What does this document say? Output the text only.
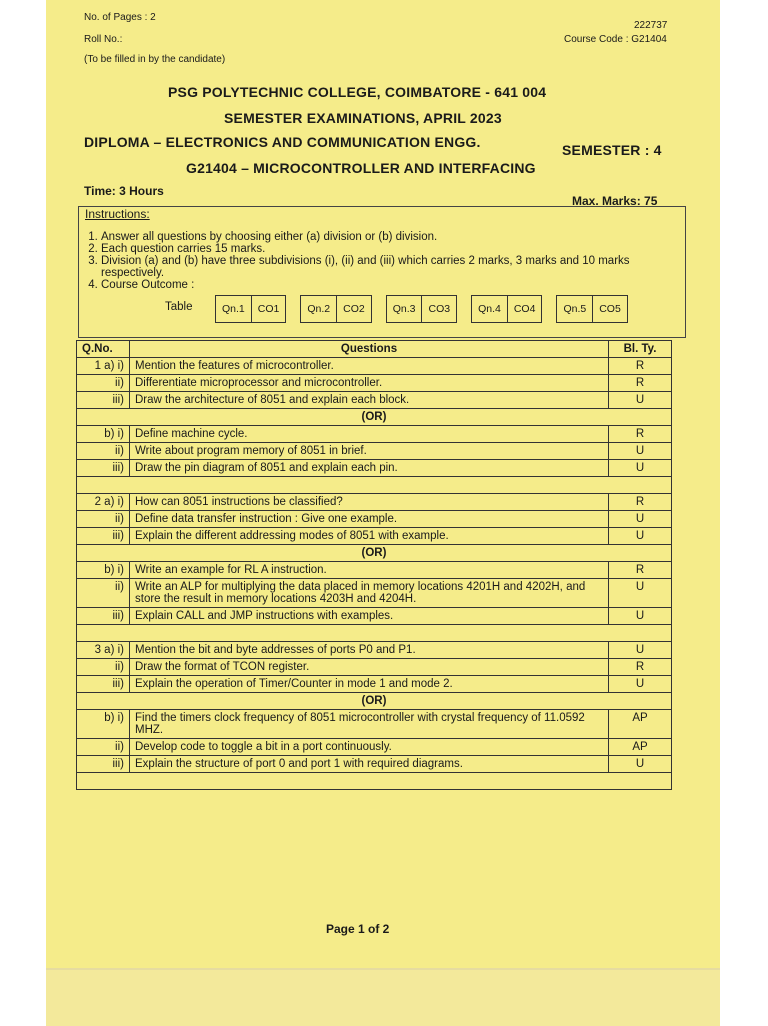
No. of Pages : 2
Roll No.:
(To be filled in by the candidate)
222737
Course Code : G21404
PSG POLYTECHNIC COLLEGE, COIMBATORE - 641 004
SEMESTER EXAMINATIONS, APRIL 2023
DIPLOMA – ELECTRONICS AND COMMUNICATION ENGG.	SEMESTER : 4
G21404 – MICROCONTROLLER AND INTERFACING
Time: 3 Hours
Max. Marks: 75
Instructions:
1. Answer all questions by choosing either (a) division or (b) division.
2. Each question carries 15 marks.
3. Division (a) and (b) have three subdivisions (i), (ii) and (iii) which carries 2 marks, 3 marks and 10 marks respectively.
4. Course Outcome :
Table	Qn.1	CO1	Qn.2	CO2	Qn.3	CO3	Qn.4	CO4	Qn.5	CO5
Q.No.	Questions	Bl. Ty.
1 a) i)	Mention the features of microcontroller.	R
ii)	Differentiate microprocessor and microcontroller.	R
iii)	Draw the architecture of 8051 and explain each block.	U
(OR)		
b) i)	Define machine cycle.	R
ii)	Write about program memory of 8051 in brief.	U
iii)	Draw the pin diagram of 8051 and explain each pin.	U

2 a) i)	How can 8051 instructions be classified?	R
ii)	Define data transfer instruction : Give one example.	U
iii)	Explain the different addressing modes of 8051 with example.	U
(OR)		
b) i)	Write an example for RL A instruction.	R
ii)	Write an ALP for multiplying the data placed in memory locations 4201H and 4202H, and store the result in memory locations 4203H and 4204H.	U
iii)	Explain CALL and JMP instructions with examples.	U

3 a) i)	Mention the bit and byte addresses of ports P0 and P1.	U
ii)	Draw the format of TCON register.	R
iii)	Explain the operation of Timer/Counter in mode 1 and mode 2.	U
(OR)		
b) i)	Find the timers clock frequency of 8051 microcontroller with crystal frequency of 11.0592 MHZ.	AP
ii)	Develop code to toggle a bit in a port continuously.	AP
iii)	Explain the structure of port 0 and port 1 with required diagrams.	U

Page 1 of 2
